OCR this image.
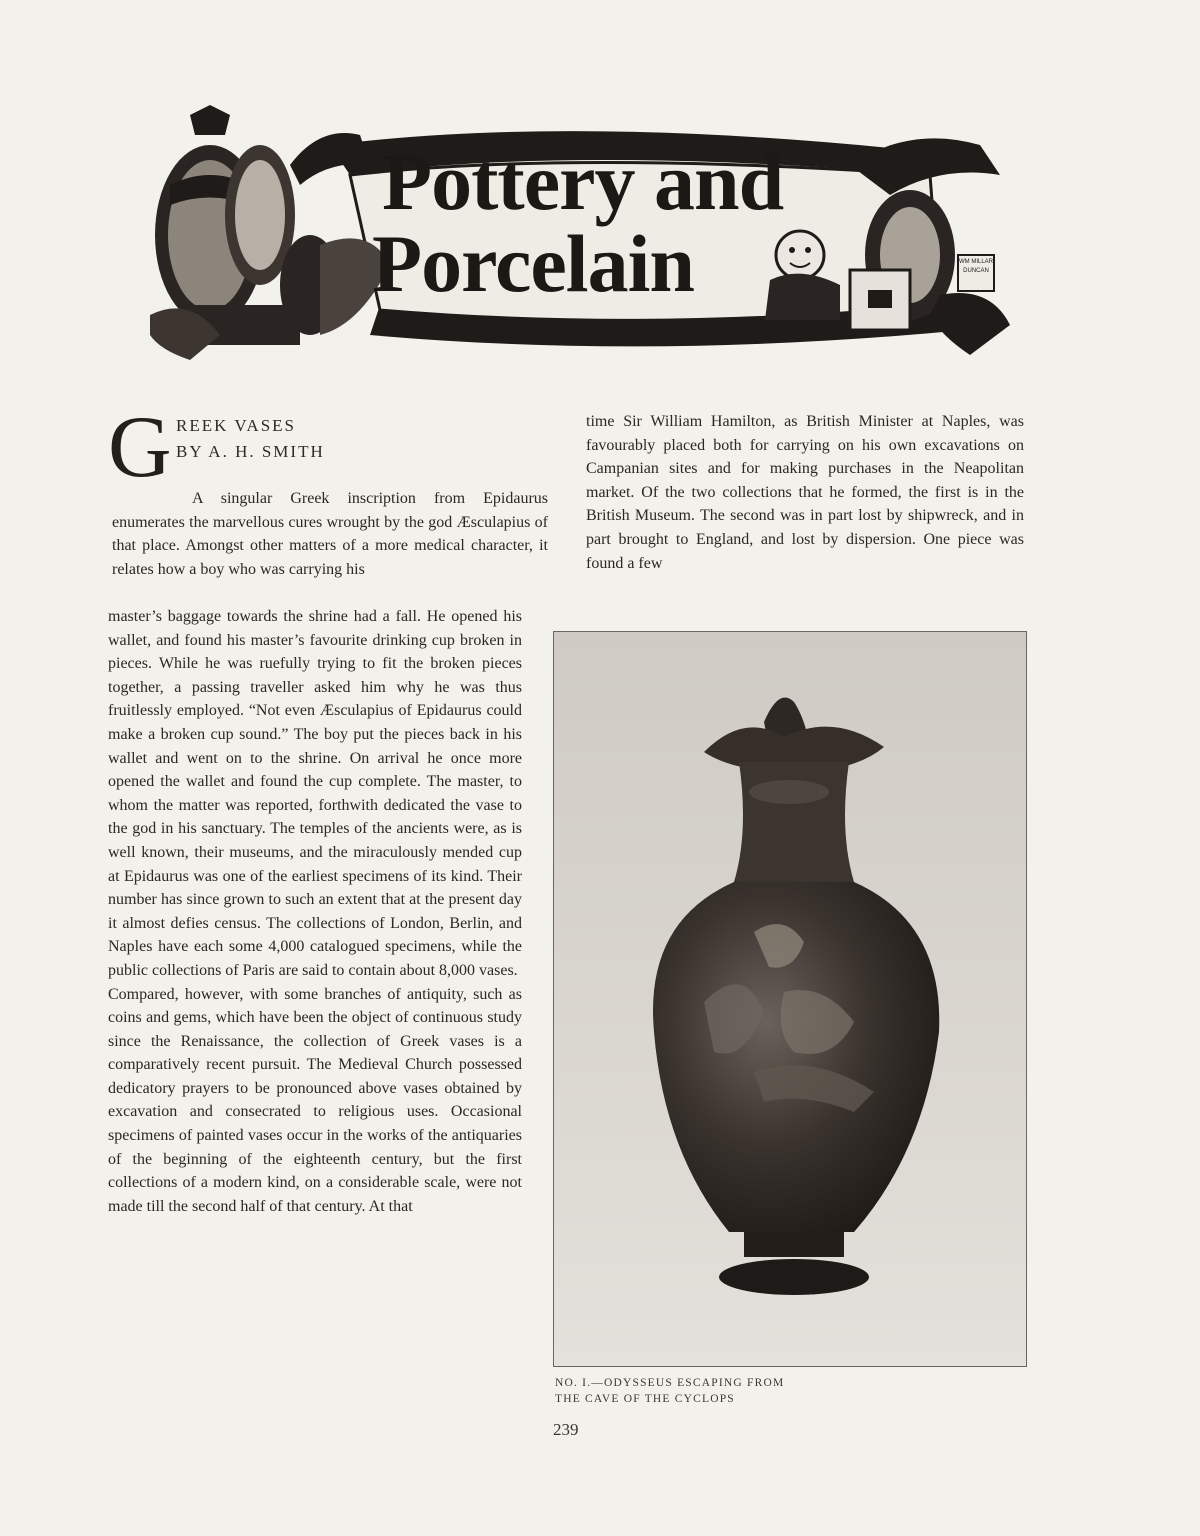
Pottery and
Porcelain	WM MILLAR DUNCAN
G REEK VASES
BY A. H. SMITH

A singular Greek inscription from Epidaurus enumerates the marvellous cures wrought by the god Æsculapius of that place. Amongst other matters of a more medical character, it relates how a boy who was carrying his

master’s baggage towards the shrine had a fall. He opened his wallet, and found his master’s favourite drinking cup broken in pieces. While he was ruefully trying to fit the broken pieces together, a passing traveller asked him why he was thus fruitlessly employed. “Not even Æsculapius of Epidaurus could make a broken cup sound.” The boy put the pieces back in his wallet and went on to the shrine. On arrival he once more opened the wallet and found the cup complete. The master, to whom the matter was reported, forthwith dedicated the vase to the god in his sanctuary. The temples of the ancients were, as is well known, their museums, and the miraculously mended cup at Epidaurus was one of the earliest specimens of its kind. Their number has since grown to such an extent that at the present day it almost defies census. The collections of London, Berlin, and Naples have each some 4,000 catalogued specimens, while the public collections of Paris are said to contain about 8,000 vases.

Compared, however, with some branches of antiquity, such as coins and gems, which have been the object of continuous study since the Renaissance, the collection of Greek vases is a comparatively recent pursuit. The Medieval Church possessed dedicatory prayers to be pronounced above vases obtained by excavation and consecrated to religious uses. Occasional specimens of painted vases occur in the works of the antiquaries of the beginning of the eighteenth century, but the first collections of a modern kind, on a considerable scale, were not made till the second half of that century. At that

time Sir William Hamilton, as British Minister at Naples, was favourably placed both for carrying on his own excavations on Campanian sites and for making purchases in the Neapolitan market. Of the two collections that he formed, the first is in the British Museum. The second was in part lost by shipwreck, and in part brought to England, and lost by dispersion. One piece was found a few
NO. I.—ODYSSEUS ESCAPING FROM
THE CAVE OF THE CYCLOPS
239
